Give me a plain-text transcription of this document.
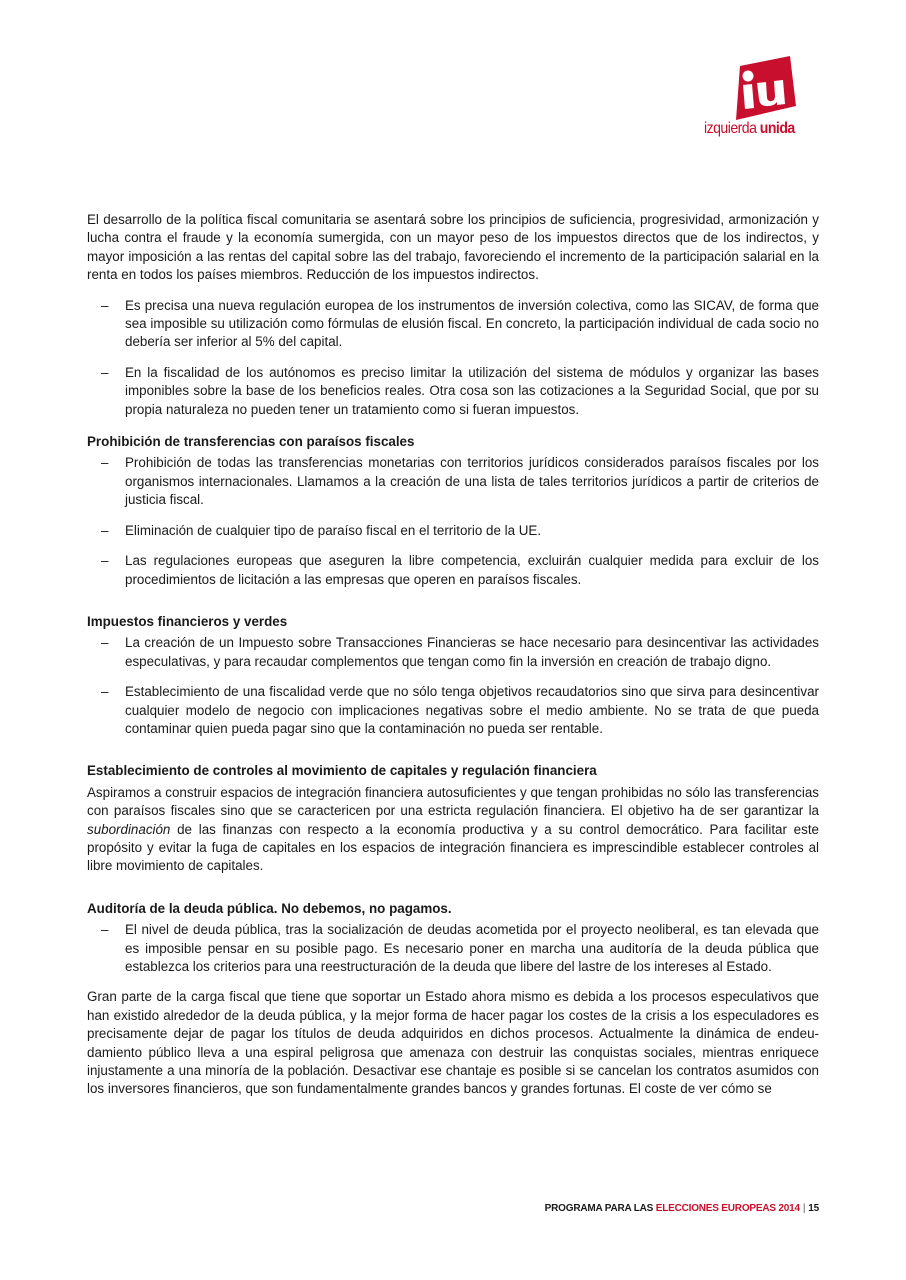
izquierda unida

El desarrollo de la política fiscal comunitaria se asentará sobre los principios de suficiencia, progresividad, armonización y lucha contra el fraude y la economía sumergida, con un mayor peso de los impuestos directos que de los indirectos, y mayor imposición a las rentas del capital sobre las del trabajo, favoreciendo el incremento de la participación salarial en la renta en todos los países miembros. Reducción de los impuestos indirectos.

– Es precisa una nueva regulación europea de los instrumentos de inversión colectiva, como las SICAV, de forma que sea imposible su utilización como fórmulas de elusión fiscal. En concreto, la participación individual de cada socio no debería ser inferior al 5% del capital.
– En la fiscalidad de los autónomos es preciso limitar la utilización del sistema de módulos y organizar las bases imponibles sobre la base de los beneficios reales. Otra cosa son las cotizaciones a la Seguridad Social, que por su propia naturaleza no pueden tener un tratamiento como si fueran impuestos.

Prohibición de transferencias con paraísos fiscales

– Prohibición de todas las transferencias monetarias con territorios jurídicos considerados paraísos fiscales por los organismos internacionales. Llamamos a la creación de una lista de tales territorios jurídicos a partir de criterios de justicia fiscal.
– Eliminación de cualquier tipo de paraíso fiscal en el territorio de la UE.
– Las regulaciones europeas que aseguren la libre competencia, excluirán cualquier medida para excluir de los procedimientos de licitación a las empresas que operen en paraísos fiscales.

Impuestos financieros y verdes

– La creación de un Impuesto sobre Transacciones Financieras se hace necesario para desincentivar las actividades especulativas, y para recaudar complementos que tengan como fin la inversión en creación de trabajo digno.
– Establecimiento de una fiscalidad verde que no sólo tenga objetivos recaudatorios sino que sirva para desincentivar cualquier modelo de negocio con implicaciones negativas sobre el medio ambiente. No se trata de que pueda contaminar quien pueda pagar sino que la contaminación no pueda ser rentable.

Establecimiento de controles al movimiento de capitales y regulación financiera

Aspiramos a construir espacios de integración financiera autosuficientes y que tengan prohibidas no sólo las transferencias con paraísos fiscales sino que se caractericen por una estricta regulación financiera. El objetivo ha de ser garantizar la subordinación de las finanzas con respecto a la economía productiva y a su control democrático. Para facilitar este propósito y evitar la fuga de capitales en los espacios de integración financiera es imprescindible establecer controles al libre movimiento de capitales.

Auditoría de la deuda pública. No debemos, no pagamos.

– El nivel de deuda pública, tras la socialización de deudas acometida por el proyecto neoliberal, es tan elevada que es imposible pensar en su posible pago. Es necesario poner en marcha una auditoría de la deuda pública que establezca los criterios para una reestructuración de la deuda que libere del lastre de los intereses al Estado.

Gran parte de la carga fiscal que tiene que soportar un Estado ahora mismo es debida a los procesos especulativos que han existido alrededor de la deuda pública, y la mejor forma de hacer pagar los costes de la crisis a los especuladores es precisamente dejar de pagar los títulos de deuda adquiridos en dichos procesos. Actualmente la dinámica de endeudamiento público lleva a una espiral peligrosa que amenaza con destruir las conquistas sociales, mientras enriquece injustamente a una minoría de la población. Desactivar ese chantaje es posible si se cancelan los contratos asumidos con los inversores financieros, que son fundamentalmente grandes bancos y grandes fortunas. El coste de ver cómo se

PROGRAMA PARA LAS ELECCIONES EUROPEAS 2014 | 15
